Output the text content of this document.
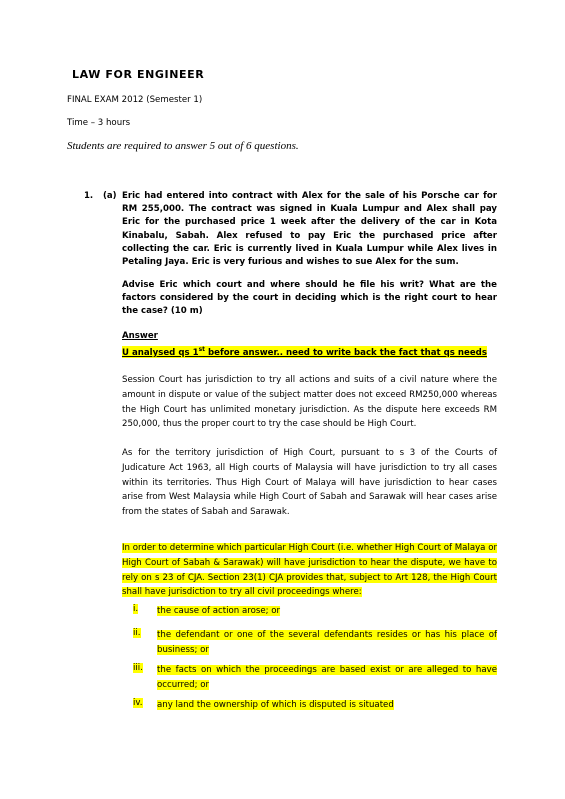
LAW FOR ENGINEER
FINAL EXAM 2012 (Semester 1)
Time – 3 hours
Students are required to answer 5 out of 6 questions.
1. (a) Eric had entered into contract with Alex for the sale of his Porsche car for RM 255,000. The contract was signed in Kuala Lumpur and Alex shall pay Eric for the purchased price 1 week after the delivery of the car in Kota Kinabalu, Sabah. Alex refused to pay Eric the purchased price after collecting the car. Eric is currently lived in Kuala Lumpur while Alex lives in Petaling Jaya. Eric is very furious and wishes to sue Alex for the sum.
Advise Eric which court and where should he file his writ? What are the factors considered by the court in deciding which is the right court to hear the case? (10 m)
Answer
U analysed qs 1st before answer.. need to write back the fact that qs needs
Session Court has jurisdiction to try all actions and suits of a civil nature where the amount in dispute or value of the subject matter does not exceed RM250,000 whereas the High Court has unlimited monetary jurisdiction. As the dispute here exceeds RM 250,000, thus the proper court to try the case should be High Court.
As for the territory jurisdiction of High Court, pursuant to s 3 of the Courts of Judicature Act 1963, all High courts of Malaysia will have jurisdiction to try all cases within its territories. Thus High Court of Malaya will have jurisdiction to hear cases arise from West Malaysia while High Court of Sabah and Sarawak will hear cases arise from the states of Sabah and Sarawak.
In order to determine which particular High Court (i.e. whether High Court of Malaya or High Court of Sabah & Sarawak) will have jurisdiction to hear the dispute, we have to rely on s 23 of CJA. Section 23(1) CJA provides that, subject to Art 128, the High Court shall have jurisdiction to try all civil proceedings where:
i. the cause of action arose; or
ii. the defendant or one of the several defendants resides or has his place of business; or
iii. the facts on which the proceedings are based exist or are alleged to have occurred; or
iv. any land the ownership of which is disputed is situated
